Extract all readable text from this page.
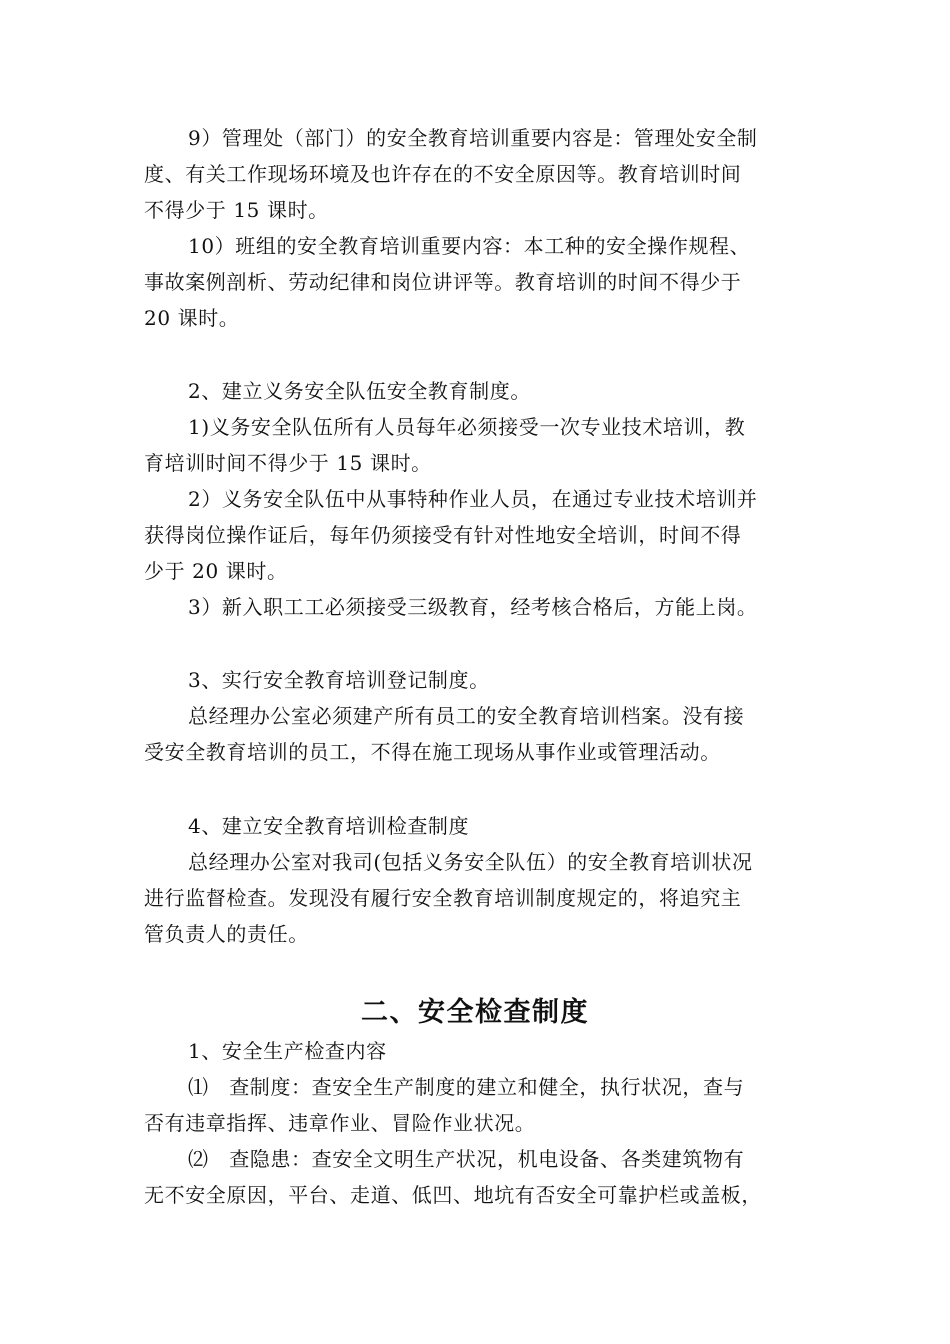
9）管理处（部门）的安全教育培训重要内容是：管理处安全制
度、有关工作现场环境及也许存在的不安全原因等。教育培训时间
不得少于 15 课时。
10）班组的安全教育培训重要内容：本工种的安全操作规程、
事故案例剖析、劳动纪律和岗位讲评等。教育培训的时间不得少于
20 课时。
2、建立义务安全队伍安全教育制度。
1)义务安全队伍所有人员每年必须接受一次专业技术培训，教
育培训时间不得少于 15 课时。
2）义务安全队伍中从事特种作业人员，在通过专业技术培训并
获得岗位操作证后，每年仍须接受有针对性地安全培训，时间不得
少于 20 课时。
3）新入职工工必须接受三级教育，经考核合格后，方能上岗。
3、实行安全教育培训登记制度。
总经理办公室必须建产所有员工的安全教育培训档案。没有接
受安全教育培训的员工，不得在施工现场从事作业或管理活动。
4、建立安全教育培训检查制度
总经理办公室对我司(包括义务安全队伍）的安全教育培训状况
进行监督检查。发现没有履行安全教育培训制度规定的，将追究主
管负责人的责任。
二、安全检查制度
1、安全生产检查内容
⑴　查制度：查安全生产制度的建立和健全，执行状况，查与
否有违章指挥、违章作业、冒险作业状况。
⑵　查隐患：查安全文明生产状况，机电设备、各类建筑物有
无不安全原因，平台、走道、低凹、地坑有否安全可靠护栏或盖板，
